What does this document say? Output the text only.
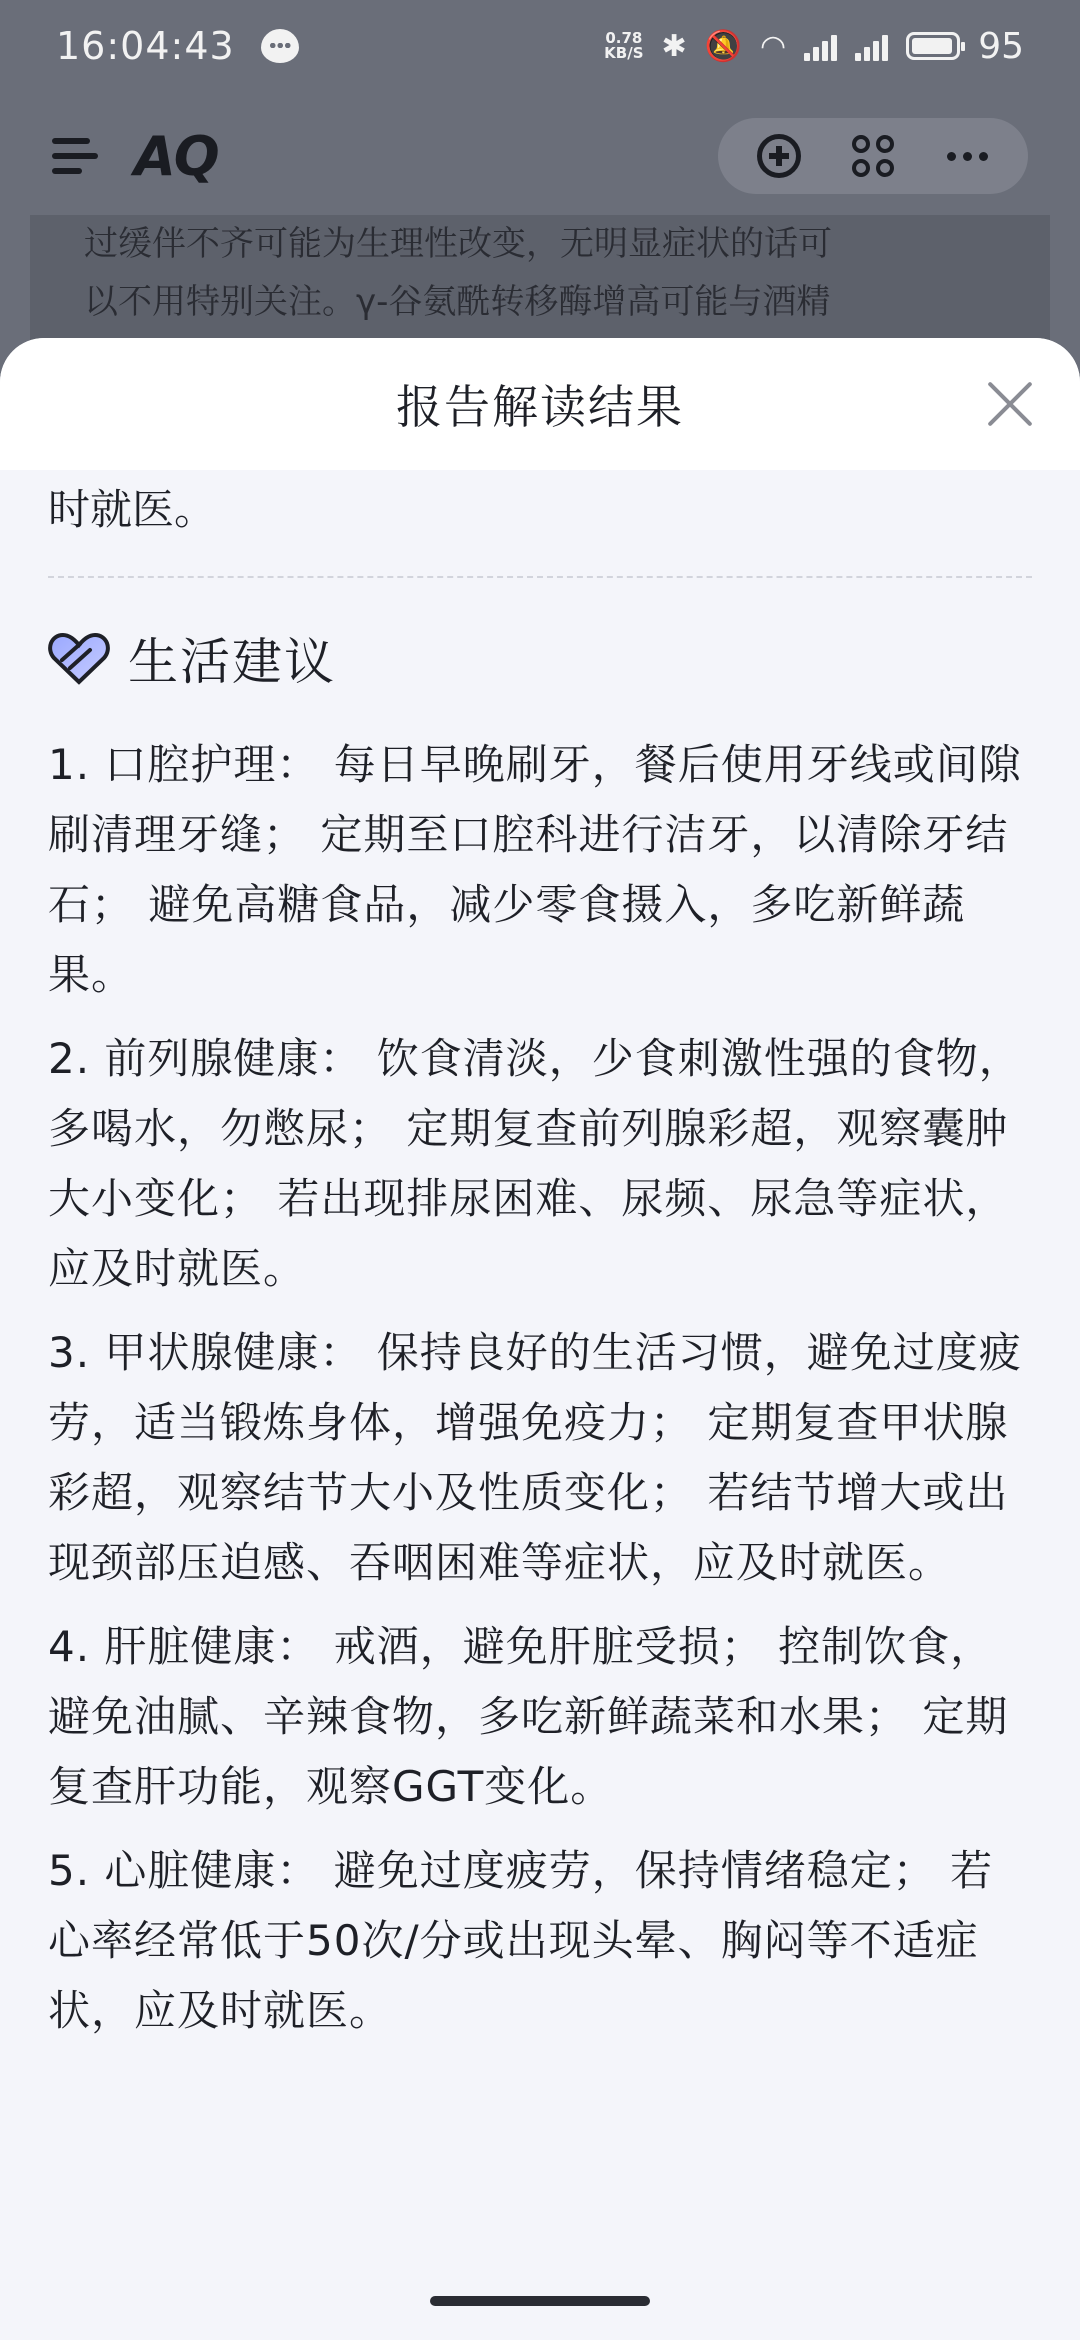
16:04:43	0.78
KB/S ✱ 🔕 ◠	95
AQ
过缓伴不齐可能为生理性改变，无明显症状的话可
以不用特别关注。γ-谷氨酰转移酶增高可能与酒精
报告解读结果
时就医。
生活建议
1. 口腔护理： 每日早晚刷牙，餐后使用牙线或间隙刷清理牙缝； 定期至口腔科进行洁牙，以清除牙结石； 避免高糖食品，减少零食摄入，多吃新鲜蔬果。
2. 前列腺健康： 饮食清淡，少食刺激性强的食物，多喝水，勿憋尿； 定期复查前列腺彩超，观察囊肿大小变化； 若出现排尿困难、尿频、尿急等症状，应及时就医。
3. 甲状腺健康： 保持良好的生活习惯，避免过度疲劳，适当锻炼身体，增强免疫力； 定期复查甲状腺彩超，观察结节大小及性质变化； 若结节增大或出现颈部压迫感、吞咽困难等症状，应及时就医。
4. 肝脏健康： 戒酒，避免肝脏受损； 控制饮食，避免油腻、辛辣食物，多吃新鲜蔬菜和水果； 定期复查肝功能，观察GGT变化。
5. 心脏健康： 避免过度疲劳，保持情绪稳定； 若心率经常低于50次/分或出现头晕、胸闷等不适症状，应及时就医。
